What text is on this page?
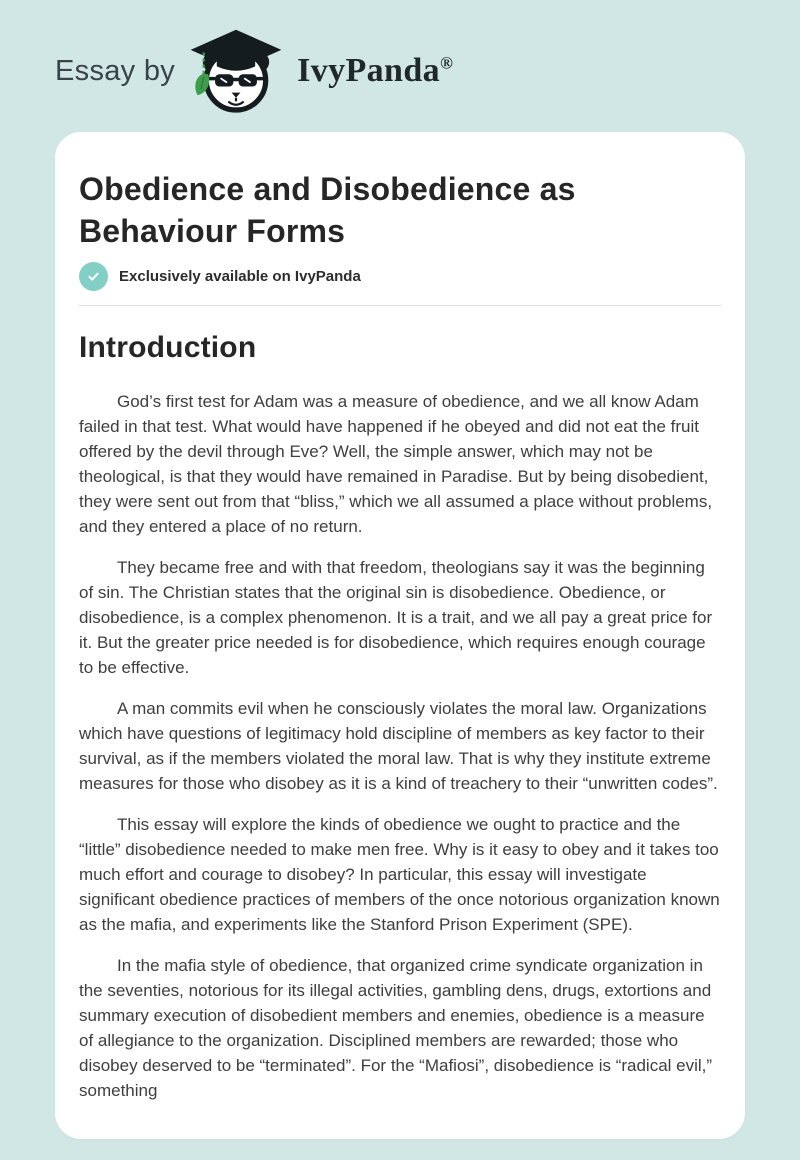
Essay by	IvyPanda®
Obedience and Disobedience as Behaviour Forms
Exclusively available on IvyPanda
Introduction

God’s first test for Adam was a measure of obedience, and we all know Adam failed in that test. What would have happened if he obeyed and did not eat the fruit offered by the devil through Eve? Well, the simple answer, which may not be theological, is that they would have remained in Paradise. But by being disobedient, they were sent out from that “bliss,” which we all assumed a place without problems, and they entered a place of no return.

They became free and with that freedom, theologians say it was the beginning of sin. The Christian states that the original sin is disobedience. Obedience, or disobedience, is a complex phenomenon. It is a trait, and we all pay a great price for it. But the greater price needed is for disobedience, which requires enough courage to be effective.

A man commits evil when he consciously violates the moral law. Organizations which have questions of legitimacy hold discipline of members as key factor to their survival, as if the members violated the moral law. That is why they institute extreme measures for those who disobey as it is a kind of treachery to their “unwritten codes”.

This essay will explore the kinds of obedience we ought to practice and the “little” disobedience needed to make men free. Why is it easy to obey and it takes too much effort and courage to disobey? In particular, this essay will investigate significant obedience practices of members of the once notorious organization known as the mafia, and experiments like the Stanford Prison Experiment (SPE).

In the mafia style of obedience, that organized crime syndicate organization in the seventies, notorious for its illegal activities, gambling dens, drugs, extortions and summary execution of disobedient members and enemies, obedience is a measure of allegiance to the organization. Disciplined members are rewarded; those who disobey deserved to be “terminated”. For the “Mafiosi”, disobedience is “radical evil,” something
